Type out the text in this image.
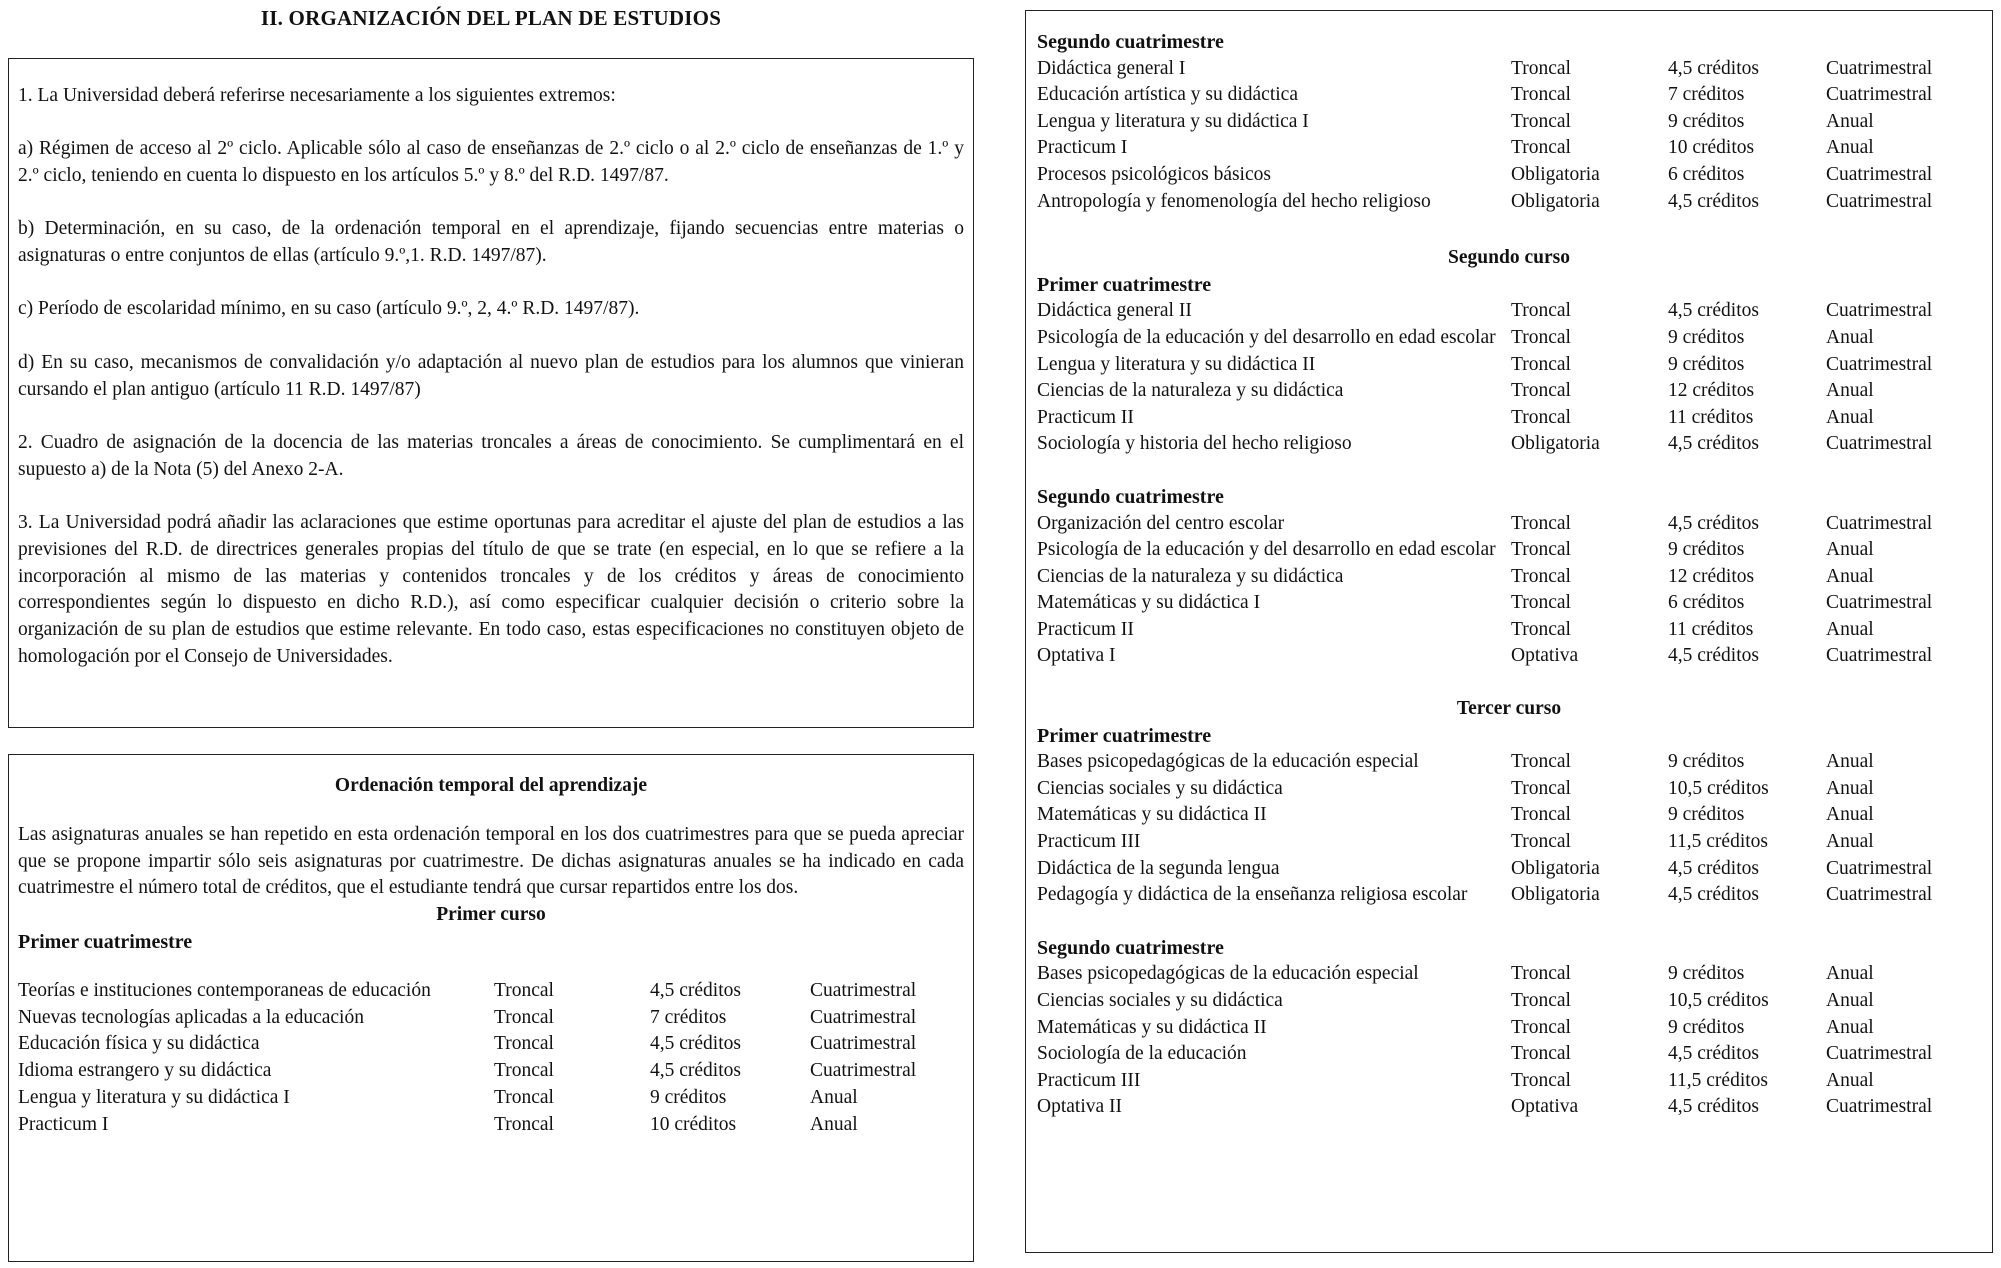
II. ORGANIZACIÓN DEL PLAN DE ESTUDIOS

1. La Universidad deberá referirse necesariamente a los siguientes extremos:

a) Régimen de acceso al 2º ciclo. Aplicable sólo al caso de enseñanzas de 2.º ciclo o al 2.º ciclo de enseñanzas de 1.º y 2.º ciclo, teniendo en cuenta lo dispuesto en los artículos 5.º y 8.º del R.D. 1497/87.

b) Determinación, en su caso, de la ordenación temporal en el aprendizaje, fijando secuencias entre materias o asignaturas o entre conjuntos de ellas (artículo 9.º,1. R.D. 1497/87).

c) Período de escolaridad mínimo, en su caso (artículo 9.º, 2, 4.º R.D. 1497/87).

d) En su caso, mecanismos de convalidación y/o adaptación al nuevo plan de estudios para los alumnos que vinieran cursando el plan antiguo (artículo 11 R.D. 1497/87)

2. Cuadro de asignación de la docencia de las materias troncales a áreas de conocimiento. Se cumplimentará en el supuesto a) de la Nota (5) del Anexo 2-A.

3. La Universidad podrá añadir las aclaraciones que estime oportunas para acreditar el ajuste del plan de estudios a las previsiones del R.D. de directrices generales propias del título de que se trate (en especial, en lo que se refiere a la incorporación al mismo de las materias y contenidos troncales y de los créditos y áreas de conocimiento correspondientes según lo dispuesto en dicho R.D.), así como especificar cualquier decisión o criterio sobre la organización de su plan de estudios que estime relevante. En todo caso, estas especificaciones no constituyen objeto de homologación por el Consejo de Universidades.

Ordenación temporal del aprendizaje
Las asignaturas anuales se han repetido en esta ordenación temporal en los dos cuatrimestres para que se pueda apreciar que se propone impartir sólo seis asignaturas por cuatrimestre. De dichas asignaturas anuales se ha indicado en cada cuatrimestre el número total de créditos, que el estudiante tendrá que cursar repartidos entre los dos.
Primer curso
Primer cuatrimestre
Teorías e instituciones contemporaneas de educación	Troncal	4,5 créditos	Cuatrimestral
Nuevas tecnologías aplicadas a la educación	Troncal	7 créditos	Cuatrimestral
Educación física y su didáctica	Troncal	4,5 créditos	Cuatrimestral
Idioma estrangero y su didáctica	Troncal	4,5 créditos	Cuatrimestral
Lengua y literatura y su didáctica I	Troncal	9 créditos	Anual
Practicum I	Troncal	10 créditos	Anual
Segundo cuatrimestre
Didáctica general I	Troncal	4,5 créditos	Cuatrimestral
Educación artística y su didáctica	Troncal	7 créditos	Cuatrimestral
Lengua y literatura y su didáctica I	Troncal	9 créditos	Anual
Practicum I	Troncal	10 créditos	Anual
Procesos psicológicos básicos	Obligatoria	6 créditos	Cuatrimestral
Antropología y fenomenología del hecho religioso	Obligatoria	4,5 créditos	Cuatrimestral
Segundo curso
Primer cuatrimestre
Didáctica general II	Troncal	4,5 créditos	Cuatrimestral
Psicología de la educación y del desarrollo en edad escolar Troncal	9 créditos	Anual
Lengua y literatura y su didáctica II	Troncal	9 créditos	Cuatrimestral
Ciencias de la naturaleza y su didáctica	Troncal	12 créditos	Anual
Practicum II	Troncal	11 créditos	Anual
Sociología y historia del hecho religioso	Obligatoria	4,5 créditos	Cuatrimestral
Segundo cuatrimestre
Organización del centro escolar	Troncal	4,5 créditos	Cuatrimestral
Psicología de la educación y del desarrollo en edad escolar Troncal	9 créditos	Anual
Ciencias de la naturaleza y su didáctica	Troncal	12 créditos	Anual
Matemáticas y su didáctica I	Troncal	6 créditos	Cuatrimestral
Practicum II	Troncal	11 créditos	Anual
Optativa I	Optativa	4,5 créditos	Cuatrimestral
Tercer curso
Primer cuatrimestre
Bases psicopedagógicas de la educación especial	Troncal	9 créditos	Anual
Ciencias sociales y su didáctica	Troncal	10,5 créditos	Anual
Matemáticas y su didáctica II	Troncal	9 créditos	Anual
Practicum III	Troncal	11,5 créditos	Anual
Didáctica de la segunda lengua	Obligatoria	4,5 créditos	Cuatrimestral
Pedagogía y didáctica de la enseñanza religiosa escolar	Obligatoria	4,5 créditos	Cuatrimestral
Segundo cuatrimestre
Bases psicopedagógicas de la educación especial	Troncal	9 créditos	Anual
Ciencias sociales y su didáctica	Troncal	10,5 créditos	Anual
Matemáticas y su didáctica II	Troncal	9 créditos	Anual
Sociología de la educación	Troncal	4,5 créditos	Cuatrimestral
Practicum III	Troncal	11,5 créditos	Anual
Optativa II	Optativa	4,5 créditos	Cuatrimestral
